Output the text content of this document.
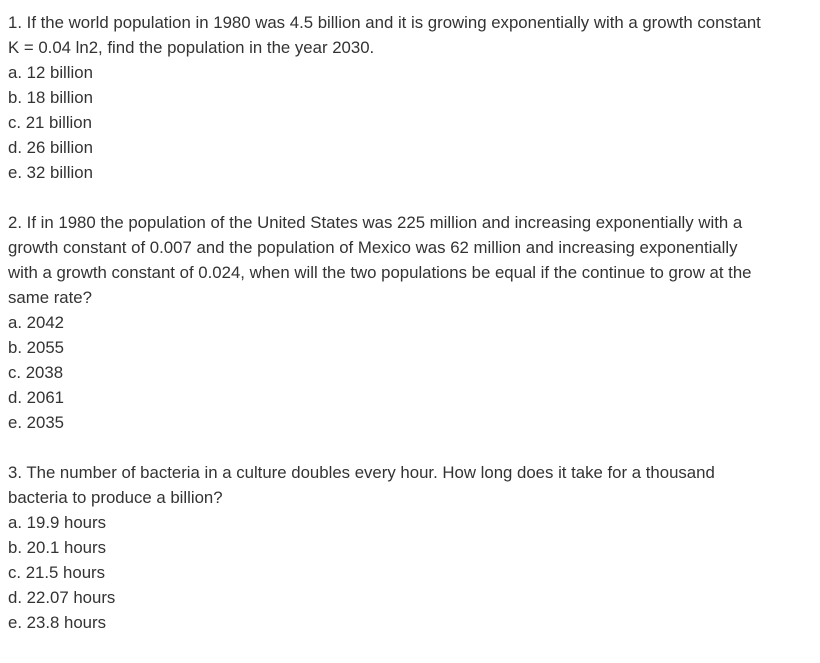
1. If the world population in 1980 was 4.5 billion and it is growing exponentially with a growth constant K = 0.04 ln2, find the population in the year 2030.

a. 12 billion
b. 18 billion
c. 21 billion
d. 26 billion
e. 32 billion

2. If in 1980 the population of the United States was 225 million and increasing exponentially with a growth constant of 0.007 and the population of Mexico was 62 million and increasing exponentially with a growth constant of 0.024, when will the two populations be equal if the continue to grow at the same rate?

a. 2042
b. 2055
c. 2038
d. 2061
e. 2035

3. The number of bacteria in a culture doubles every hour. How long does it take for a thousand bacteria to produce a billion?

a. 19.9 hours
b. 20.1 hours
c. 21.5 hours
d. 22.07 hours
e. 23.8 hours
